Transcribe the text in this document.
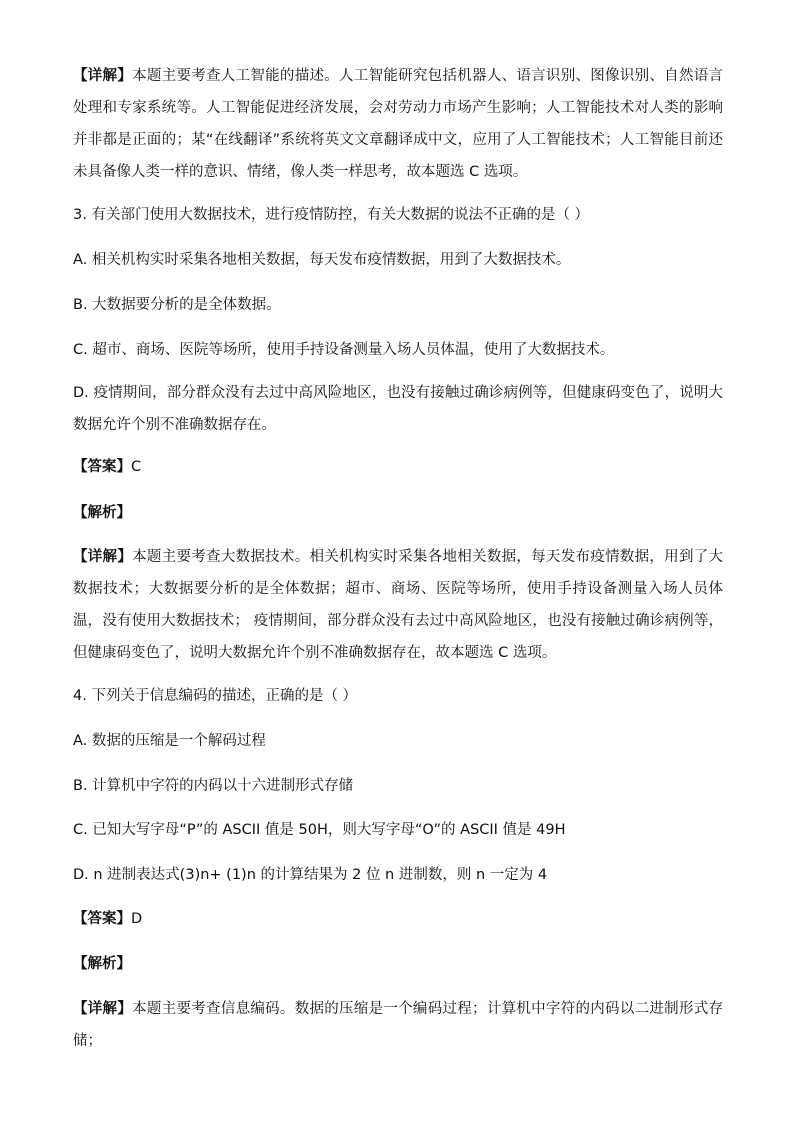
【详解】本题主要考查人工智能的描述。人工智能研究包括机器人、语言识别、图像识别、自然语言处理和专家系统等。人工智能促进经济发展，会对劳动力市场产生影响；人工智能技术对人类的影响并非都是正面的；某“在线翻译”系统将英文文章翻译成中文，应用了人工智能技术；人工智能目前还未具备像人类一样的意识、情绪，像人类一样思考，故本题选 C 选项。

3. 有关部门使用大数据技术，进行疫情防控，有关大数据的说法不正确的是（ ）

A. 相关机构实时采集各地相关数据，每天发布疫情数据，用到了大数据技术。

B. 大数据要分析的是全体数据。

C. 超市、商场、医院等场所，使用手持设备测量入场人员体温，使用了大数据技术。

D. 疫情期间，部分群众没有去过中高风险地区，也没有接触过确诊病例等，但健康码变色了，说明大数据允许个别不准确数据存在。

【答案】C

【解析】

【详解】本题主要考查大数据技术。相关机构实时采集各地相关数据，每天发布疫情数据，用到了大数据技术；大数据要分析的是全体数据；超市、商场、医院等场所，使用手持设备测量入场人员体温，没有使用大数据技术； 疫情期间，部分群众没有去过中高风险地区，也没有接触过确诊病例等，但健康码变色了，说明大数据允许个别不准确数据存在，故本题选 C 选项。

4. 下列关于信息编码的描述，正确的是（ ）

A. 数据的压缩是一个解码过程

B. 计算机中字符的内码以十六进制形式存储

C. 已知大写字母“P”的 ASCII 值是 50H，则大写字母“O”的 ASCII 值是 49H

D. n 进制表达式(3)n+ (1)n 的计算结果为 2 位 n 进制数，则 n 一定为 4

【答案】D

【解析】

【详解】本题主要考查信息编码。数据的压缩是一个编码过程；计算机中字符的内码以二进制形式存储；
